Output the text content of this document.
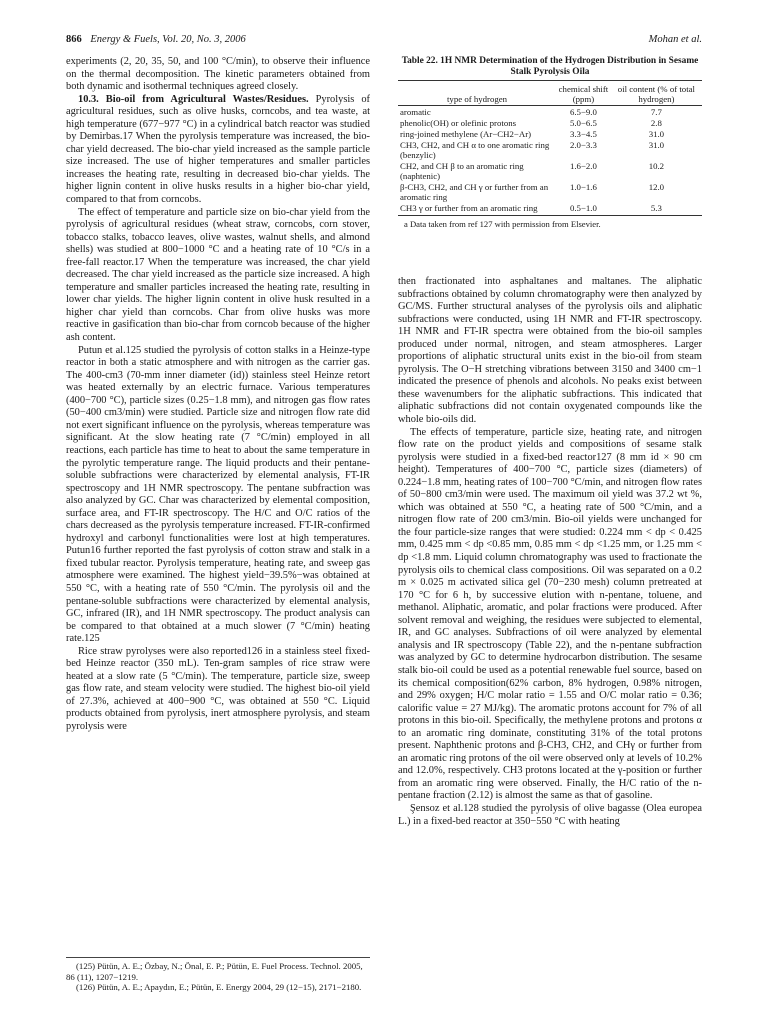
866 Energy & Fuels, Vol. 20, No. 3, 2006	Mohan et al.

experiments (2, 20, 35, 50, and 100 °C/min), to observe their influence on the thermal decomposition. The kinetic parameters obtained from both dynamic and isothermal techniques agreed closely.

10.3. Bio-oil from Agricultural Wastes/Residues. Pyrolysis of agricultural residues, such as olive husks, corncobs, and tea waste, at high temperature (677−977 °C) in a cylindrical batch reactor was studied by Demirbas.17 When the pyrolysis temperature was increased, the bio-char yield decreased. The bio-char yield increased as the sample particle size increased. The use of higher temperatures and smaller particles increases the heating rate, resulting in decreased bio-char yields. The higher lignin content in olive husks results in a higher bio-char yield, compared to that from corncobs.

The effect of temperature and particle size on bio-char yield from the pyrolysis of agricultural residues (wheat straw, corncobs, corn stover, tobacco stalks, tobacco leaves, olive wastes, walnut shells, and almond shells) was studied at 800−1000 °C and a heating rate of 10 °C/s in a free-fall reactor.17 When the temperature was increased, the char yield decreased. The char yield increased as the particle size increased. A high temperature and smaller particles increased the heating rate, resulting in lower char yields. The higher lignin content in olive husk resulted in a higher char yield than corncobs. Char from olive husks was more reactive in gasification than bio-char from corncob because of the higher ash content.

Putun et al.125 studied the pyrolysis of cotton stalks in a Heinze-type reactor in both a static atmosphere and with nitrogen as the carrier gas. The 400-cm3 (70-mm inner diameter (id)) stainless steel Heinze retort was heated externally by an electric furnace. Various temperatures (400−700 °C), particle sizes (0.25−1.8 mm), and nitrogen gas flow rates (50−400 cm3/min) were studied. Particle size and nitrogen flow rate did not exert significant influence on the pyrolysis, whereas temperature was significant. At the slow heating rate (7 °C/min) employed in all reactions, each particle has time to heat to about the same temperature in the pyrolytic temperature range. The liquid products and their pentane-soluble subfractions were characterized by elemental analysis, FT-IR spectroscopy and 1H NMR spectroscopy. The pentane subfraction was also analyzed by GC. Char was characterized by elemental composition, surface area, and FT-IR spectroscopy. The H/C and O/C ratios of the chars decreased as the pyrolysis temperature increased. FT-IR-confirmed hydroxyl and carbonyl functionalities were lost at high temperatures. Putun16 further reported the fast pyrolysis of cotton straw and stalk in a fixed tubular reactor. Pyrolysis temperature, heating rate, and sweep gas atmosphere were examined. The highest yield−39.5%−was obtained at 550 °C, with a heating rate of 550 °C/min. The pyrolysis oil and the pentane-soluble subfractions were characterized by elemental analysis, GC, infrared (IR), and 1H NMR spectroscopy. The product analysis can be compared to that obtained at a much slower (7 °C/min) heating rate.125

Rice straw pyrolyses were also reported126 in a stainless steel fixed-bed Heinze reactor (350 mL). Ten-gram samples of rice straw were heated at a slow rate (5 °C/min). The temperature, particle size, sweep gas flow rate, and steam velocity were studied. The highest bio-oil yield of 27.3%, achieved at 400−900 °C, was obtained at 550 °C. Liquid products obtained from pyrolysis, inert atmosphere pyrolysis, and steam pyrolysis were

(125) Pütün, A. E.; Özbay, N.; Önal, E. P.; Pütün, E. Fuel Process. Technol. 2005, 86 (11), 1207−1219.
(126) Pütün, A. E.; Apaydın, E.; Pütün, E. Energy 2004, 29 (12−15), 2171−2180.
Table 22. 1H NMR Determination of the Hydrogen Distribution in Sesame Stalk Pyrolysis Oila

type of hydrogen	chemical shift (ppm)	oil content (% of total hydrogen)
aromatic	6.5−9.0	7.7
phenolic(OH) or olefinic protons	5.0−6.5	2.8
ring-joined methylene (Ar−CH2−Ar)	3.3−4.5	31.0
CH3, CH2, and CH α to one aromatic ring (benzylic)	2.0−3.3	31.0
CH2, and CH β to an aromatic ring (naphtenic)	1.6−2.0	10.2
β-CH3, CH2, and CH γ or further from an aromatic ring	1.0−1.6	12.0
CH3 γ or further from an aromatic ring	0.5−1.0	5.3
a Data taken from ref 127 with permission from Elsevier.

then fractionated into asphaltanes and maltanes. The aliphatic subfractions obtained by column chromatography were then analyzed by GC/MS. Further structural analyses of the pyrolysis oils and aliphatic subfractions were conducted, using 1H NMR and FT-IR spectroscopy. 1H NMR and FT-IR spectra were obtained from the bio-oil samples produced under normal, nitrogen, and steam atmospheres. Larger proportions of aliphatic structural units exist in the bio-oil from steam pyrolysis. The O−H stretching vibrations between 3150 and 3400 cm−1 indicated the presence of phenols and alcohols. No peaks exist between these wavenumbers for the aliphatic subfractions. This indicated that aliphatic subfractions did not contain oxygenated compounds like the whole bio-oils did.

The effects of temperature, particle size, heating rate, and nitrogen flow rate on the product yields and compositions of sesame stalk pyrolysis were studied in a fixed-bed reactor127 (8 mm id × 90 cm height). Temperatures of 400−700 °C, particle sizes (diameters) of 0.224−1.8 mm, heating rates of 100−700 °C/min, and nitrogen flow rates of 50−800 cm3/min were used. The maximum oil yield was 37.2 wt %, which was obtained at 550 °C, a heating rate of 500 °C/min, and a nitrogen flow rate of 200 cm3/min. Bio-oil yields were unchanged for the four particle-size ranges that were studied: 0.224 mm < dp < 0.425 mm, 0.425 mm < dp <0.85 mm, 0.85 mm < dp <1.25 mm, or 1.25 mm < dp <1.8 mm. Liquid column chromatography was used to fractionate the pyrolysis oils to chemical class compositions. Oil was separated on a 0.2 m × 0.025 m activated silica gel (70−230 mesh) column pretreated at 170 °C for 6 h, by successive elution with n-pentane, toluene, and methanol. Aliphatic, aromatic, and polar fractions were produced. After solvent removal and weighing, the residues were subjected to elemental, IR, and GC analyses. Subfractions of oil were analyzed by elemental analysis and IR spectroscopy (Table 22), and the n-pentane subfraction was analyzed by GC to determine hydrocarbon distribution. The sesame stalk bio-oil could be used as a potential renewable fuel source, based on its chemical composition(62% carbon, 8% hydrogen, 0.98% nitrogen, and 29% oxygen; H/C molar ratio = 1.55 and O/C molar ratio = 0.36; calorific value = 27 MJ/kg). The aromatic protons account for 7% of all protons in this bio-oil. Specifically, the methylene protons and protons α to an aromatic ring dominate, constituting 31% of the total protons present. Naphthenic protons and β-CH3, CH2, and CHγ or further from an aromatic ring protons of the oil were observed only at levels of 10.2% and 12.0%, respectively. CH3 protons located at the γ-position or further from an aromatic ring were observed. Finally, the H/C ratio of the n-pentane fraction (2.12) is almost the same as that of gasoline.

Şensoz et al.128 studied the pyrolysis of olive bagasse (Olea europea L.) in a fixed-bed reactor at 350−550 °C with heating
